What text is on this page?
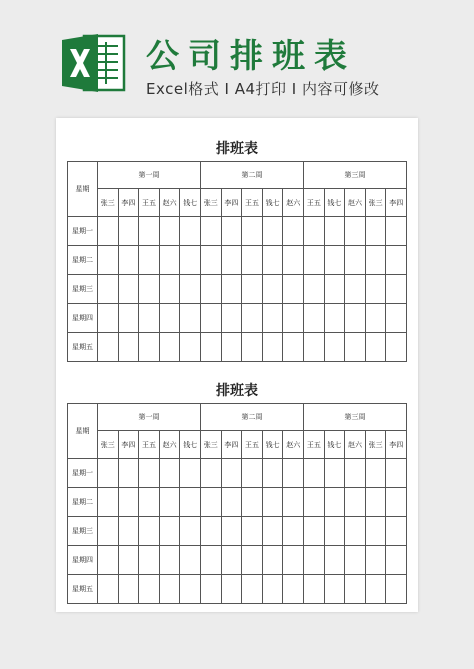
公司排班表
Excel格式 I A4打印 I 内容可修改
排班表
星期	第一周					第二周					第三周				
	张三	李四	王五	赵六	钱七	张三	李四	王五	钱七	赵六	王五	钱七	赵六	张三	李四
星期一															
星期二															
星期三															
星期四															
星期五															
排班表
星期	第一周					第二周					第三周				
	张三	李四	王五	赵六	钱七	张三	李四	王五	钱七	赵六	王五	钱七	赵六	张三	李四
星期一															
星期二															
星期三															
星期四															
星期五															
